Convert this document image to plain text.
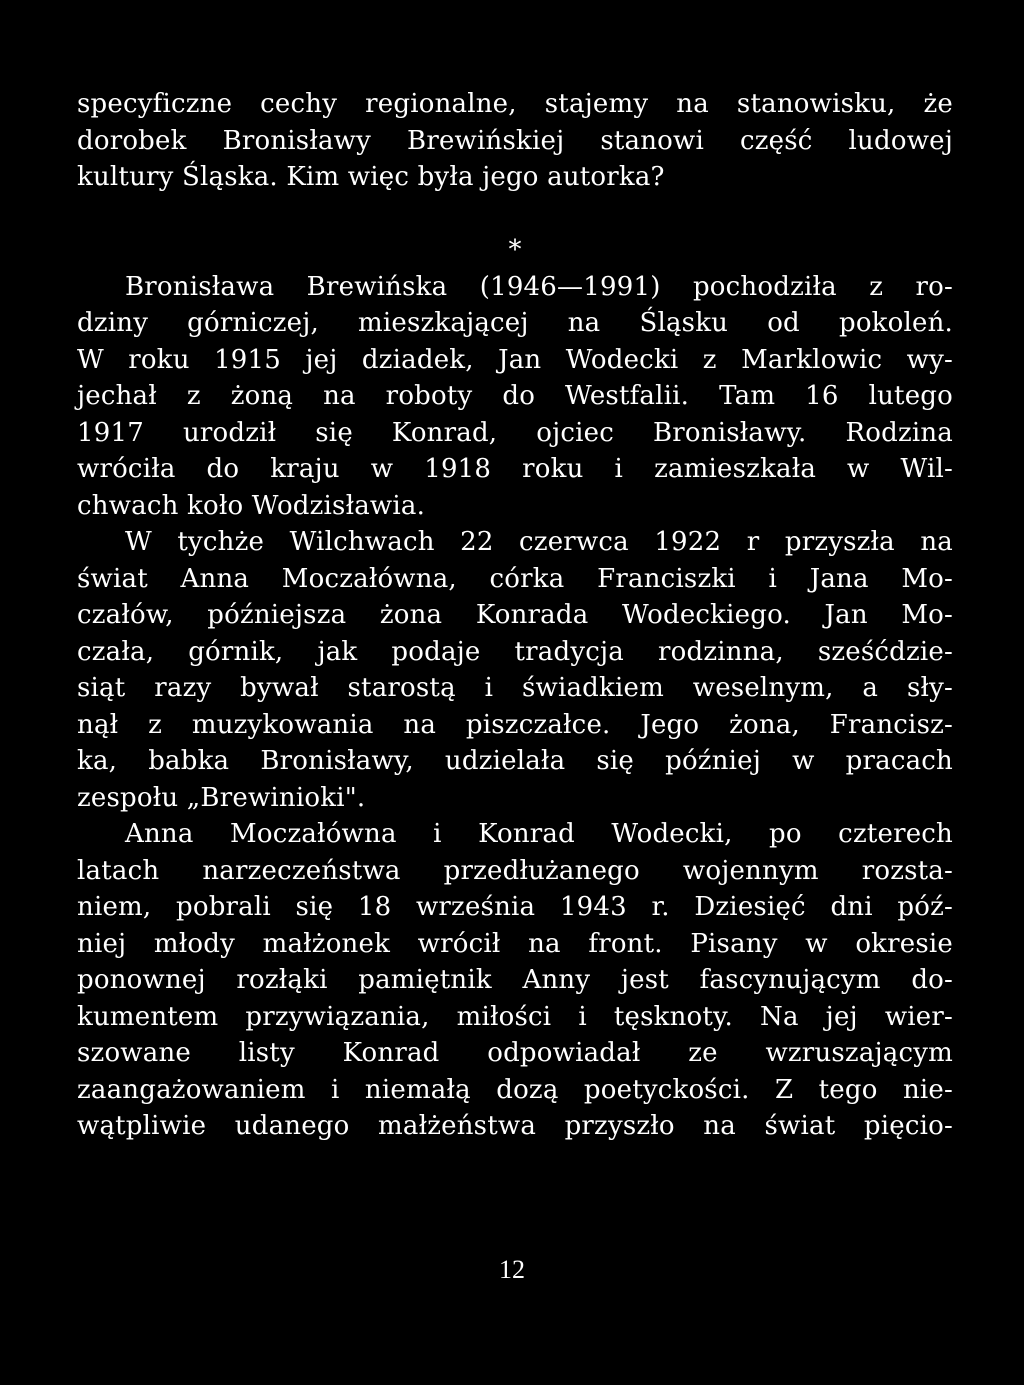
specyficzne cechy regionalne, stajemy na stanowisku, że
dorobek Bronisławy Brewińskiej stanowi część ludowej
kultury Śląska. Kim więc była jego autorka?
*
Bronisława Brewińska (1946—1991) pochodziła z ro-
dziny górniczej, mieszkającej na Śląsku od pokoleń.
W roku 1915 jej dziadek, Jan Wodecki z Marklowic wy-
jechał z żoną na roboty do Westfalii. Tam 16 lutego
1917 urodził się Konrad, ojciec Bronisławy. Rodzina
wróciła do kraju w 1918 roku i zamieszkała w Wil-
chwach koło Wodzisławia.
W tychże Wilchwach 22 czerwca 1922 r przyszła na
świat Anna Moczałówna, córka Franciszki i Jana Mo-
czałów, późniejsza żona Konrada Wodeckiego. Jan Mo-
czała, górnik, jak podaje tradycja rodzinna, sześćdzie-
siąt razy bywał starostą i świadkiem weselnym, a sły-
nął z muzykowania na piszczałce. Jego żona, Francisz-
ka, babka Bronisławy, udzielała się później w pracach
zespołu „Brewinioki".
Anna Moczałówna i Konrad Wodecki, po czterech
latach narzeczeństwa przedłużanego wojennym rozsta-
niem, pobrali się 18 września 1943 r. Dziesięć dni póź-
niej młody małżonek wrócił na front. Pisany w okresie
ponownej rozłąki pamiętnik Anny jest fascynującym do-
kumentem przywiązania, miłości i tęsknoty. Na jej wier-
szowane listy Konrad odpowiadał ze wzruszającym
zaangażowaniem i niemałą dozą poetyckości. Z tego nie-
wątpliwie udanego małżeństwa przyszło na świat pięcio-
12
